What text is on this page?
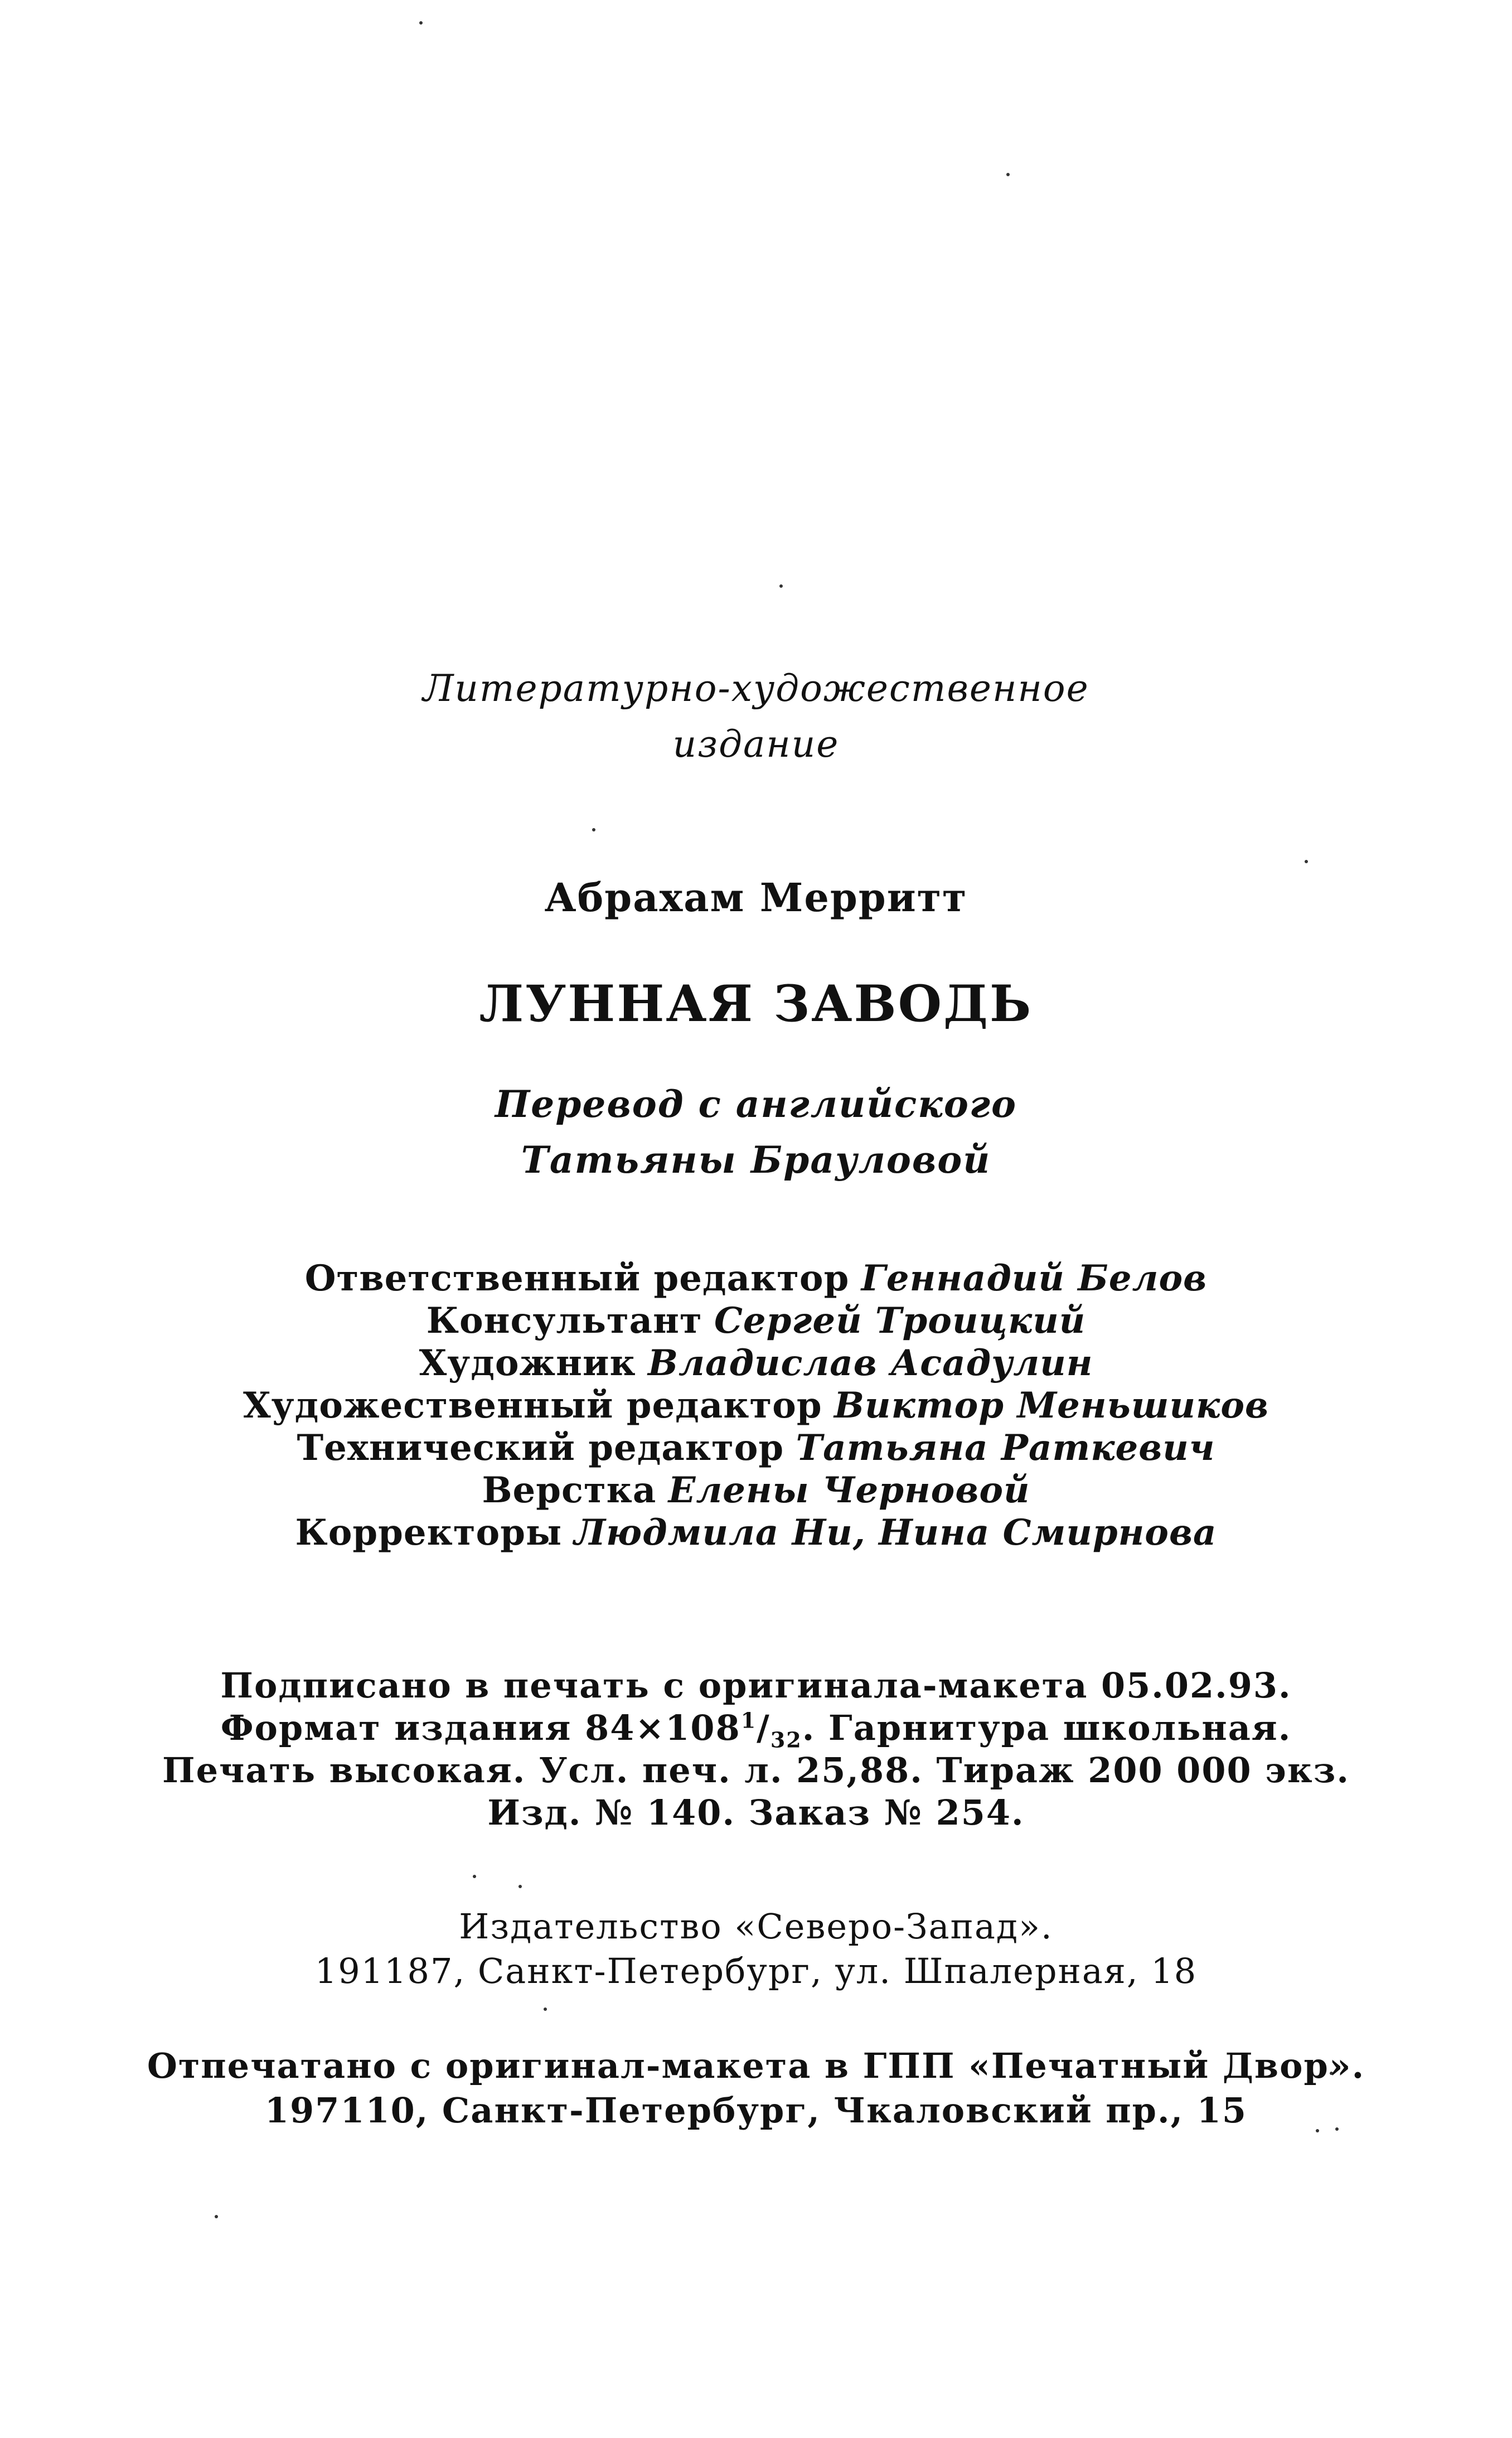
Литературно-художественное
издание
Абрахам Мерритт
ЛУННАЯ ЗАВОДЬ
Перевод с английского
Татьяны Брауловой
Ответственный редактор Геннадий Белов
Консультант Сергей Троицкий
Художник Владислав Асадулин
Художественный редактор Виктор Меньшиков
Технический редактор Татьяна Раткевич
Верстка Елены Черновой
Корректоры Людмила Ни, Нина Смирнова
Подписано в печать с оригинала-макета 05.02.93.
Формат издания $84\times 108^1/_{32}$. Гарнитура школьная.
Печать высокая. Усл. печ. л. 25,88. Тираж 200 000 экз.
Изд. № 140. Заказ № 254.
Издательство «Северо-Запад».
191187, Санкт-Петербург, ул. Шпалерная, 18
Отпечатано с оригинал-макета в ГПП «Печатный Двор».
197110, Санкт-Петербург, Чкаловский пр., 15
